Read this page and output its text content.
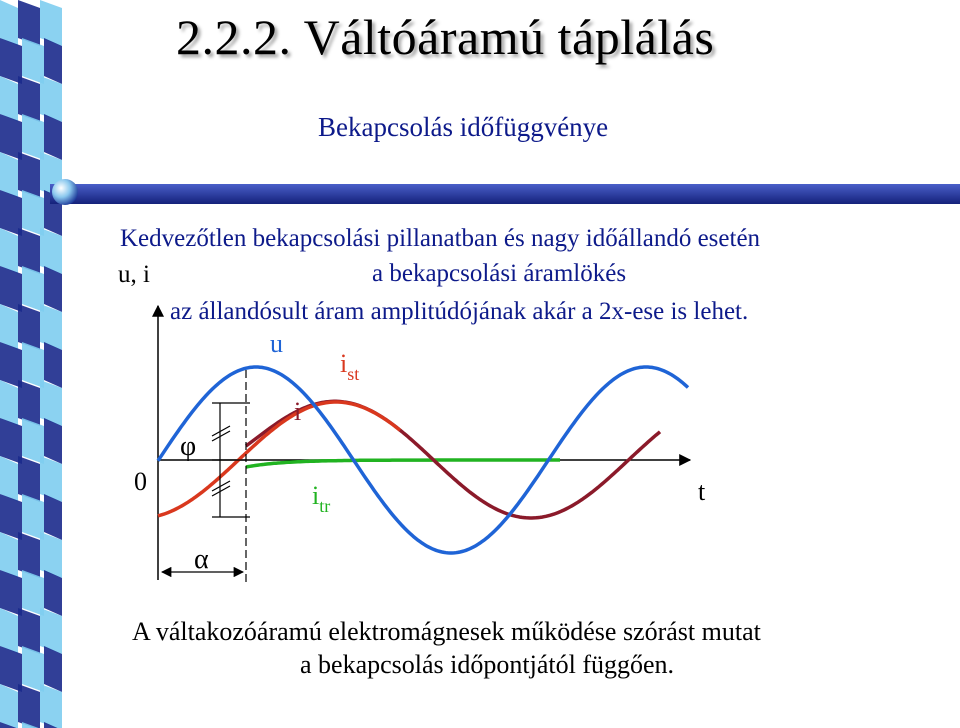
2.2.2. Váltóáramú táplálás
Bekapcsolás időfüggvénye
Kedvezőtlen bekapcsolási pillanatban és nagy időállandó esetén
a bekapcsolási áramlökés
az állandósult áram amplitúdójának akár a 2x-ese is lehet.
u, i
0	t
u
i
$i_{st}$
$i_{tr}$
φ
α
A váltakozóáramú elektromágnesek működése szórást mutat
a bekapcsolás időpontjától függően.
